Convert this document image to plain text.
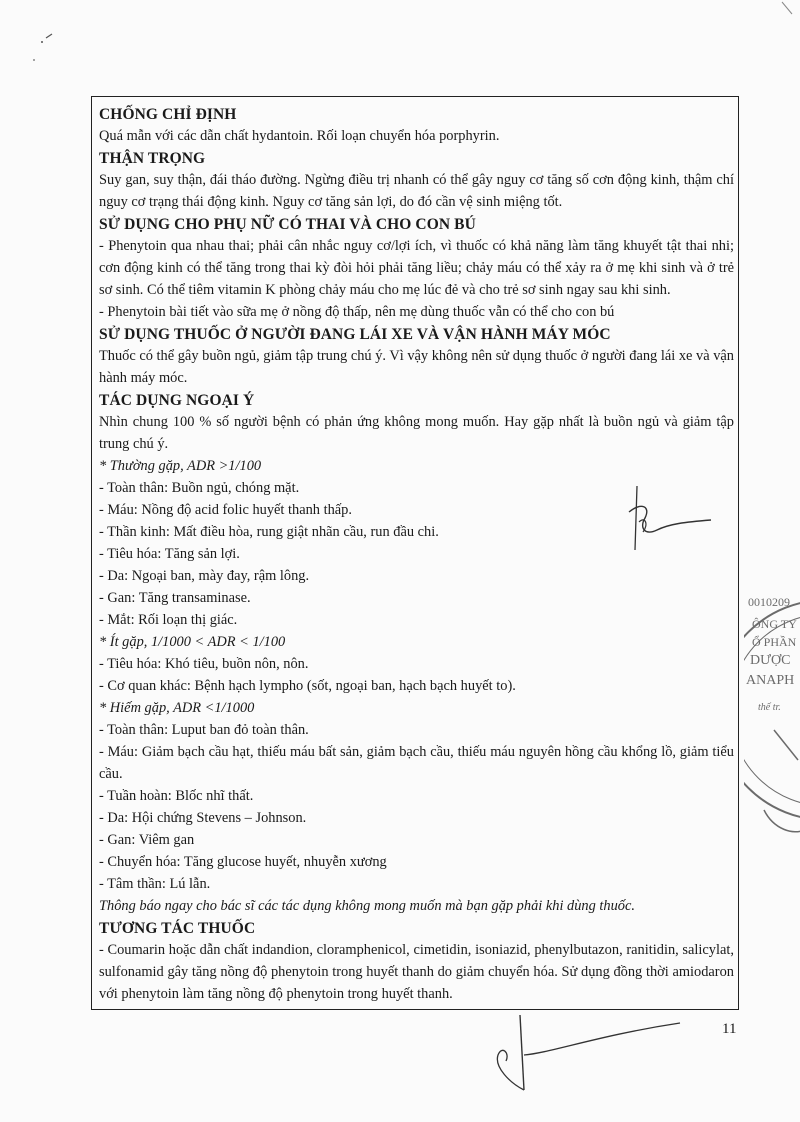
CHỐNG CHỈ ĐỊNH
Quá mẫn với các dẫn chất hydantoin. Rối loạn chuyển hóa porphyrin.
THẬN TRỌNG
Suy gan, suy thận, đái tháo đường. Ngừng điều trị nhanh có thể gây nguy cơ tăng số cơn động kinh, thậm chí nguy cơ trạng thái động kinh. Nguy cơ tăng sản lợi, do đó cần vệ sinh miệng tốt.
SỬ DỤNG CHO PHỤ NỮ CÓ THAI VÀ CHO CON BÚ
- Phenytoin qua nhau thai; phải cân nhắc nguy cơ/lợi ích, vì thuốc có khả năng làm tăng khuyết tật thai nhi; cơn động kinh có thể tăng trong thai kỳ đòi hỏi phải tăng liều; chảy máu có thể xảy ra ở mẹ khi sinh và ở trẻ sơ sinh. Có thể tiêm vitamin K phòng chảy máu cho mẹ lúc đẻ và cho trẻ sơ sinh ngay sau khi sinh.
- Phenytoin bài tiết vào sữa mẹ ở nồng độ thấp, nên mẹ dùng thuốc vẫn có thể cho con bú
SỬ DỤNG THUỐC Ở NGƯỜI ĐANG LÁI XE VÀ VẬN HÀNH MÁY MÓC
Thuốc có thể gây buồn ngủ, giảm tập trung chú ý. Vì vậy không nên sử dụng thuốc ở người đang lái xe và vận hành máy móc.
TÁC DỤNG NGOẠI Ý
Nhìn chung 100 % số người bệnh có phản ứng không mong muốn. Hay gặp nhất là buồn ngủ và giảm tập trung chú ý.
* Thường gặp, ADR >1/100
- Toàn thân: Buồn ngủ, chóng mặt.
- Máu: Nồng độ acid folic huyết thanh thấp.
- Thần kinh: Mất điều hòa, rung giật nhãn cầu, run đầu chi.
- Tiêu hóa: Tăng sản lợi.
- Da: Ngoại ban, mày đay, rậm lông.
- Gan: Tăng transaminase.
- Mắt: Rối loạn thị giác.
* Ít gặp, 1/1000 < ADR < 1/100
- Tiêu hóa: Khó tiêu, buồn nôn, nôn.
- Cơ quan khác: Bệnh hạch lympho (sốt, ngoại ban, hạch bạch huyết to).
* Hiếm gặp, ADR <1/1000
- Toàn thân: Luput ban đỏ toàn thân.
- Máu: Giảm bạch cầu hạt, thiếu máu bất sản, giảm bạch cầu, thiếu máu nguyên hồng cầu khổng lồ, giảm tiểu cầu.
- Tuần hoàn: Blốc nhĩ thất.
- Da: Hội chứng Stevens – Johnson.
- Gan: Viêm gan
- Chuyển hóa: Tăng glucose huyết, nhuyễn xương
- Tâm thần: Lú lẫn.
Thông báo ngay cho bác sĩ các tác dụng không mong muốn mà bạn gặp phải khi dùng thuốc.
TƯƠNG TÁC THUỐC
- Coumarin hoặc dẫn chất indandion, cloramphenicol, cimetidin, isoniazid, phenylbutazon, ranitidin, salicylat, sulfonamid gây tăng nồng độ phenytoin trong huyết thanh do giảm chuyển hóa. Sử dụng đồng thời amiodaron với phenytoin làm tăng nồng độ phenytoin trong huyết thanh.
11
0010209
ÔNG TY
Ổ PHẦN
DƯỢC
ANAPH
thế tr.
